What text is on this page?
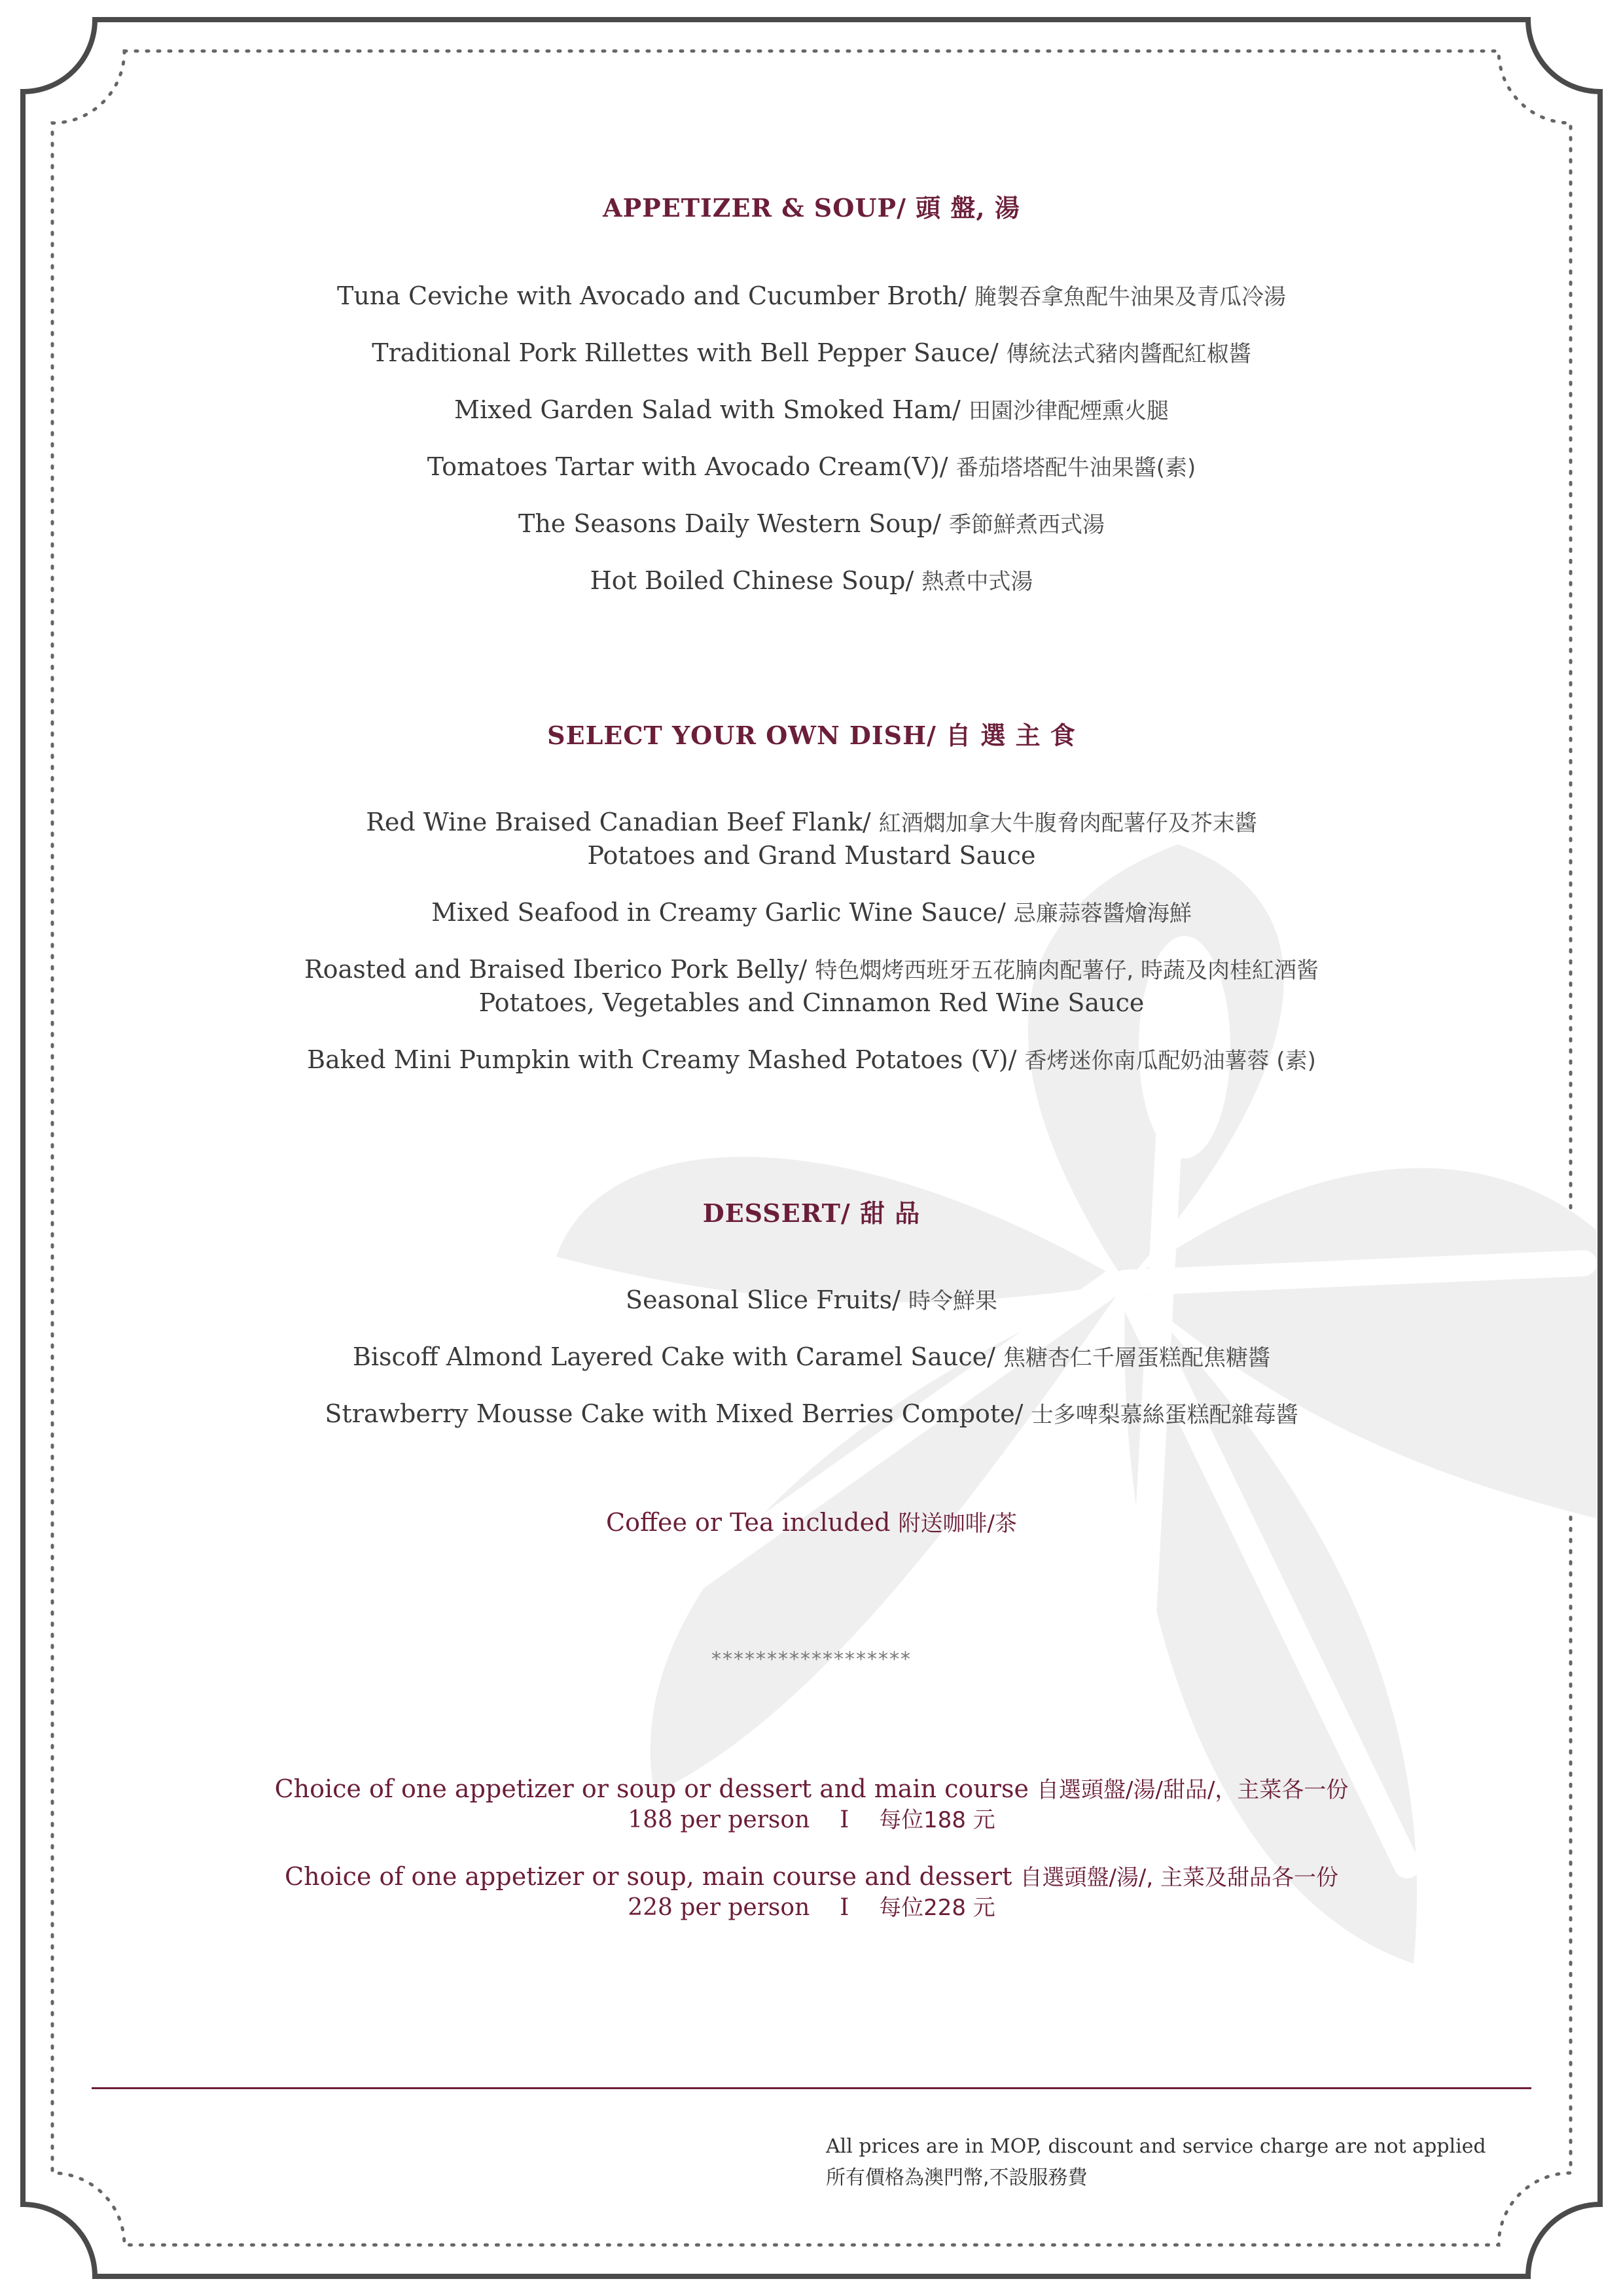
APPETIZER & SOUP/ 頭 盤, 湯
Tuna Ceviche with Avocado and Cucumber Broth/ 腌製吞拿魚配牛油果及青瓜冷湯
Traditional Pork Rillettes with Bell Pepper Sauce/ 傳統法式豬肉醬配紅椒醬
Mixed Garden Salad with Smoked Ham/ 田園沙律配煙熏火腿
Tomatoes Tartar with Avocado Cream(V)/ 番茄塔塔配牛油果醬(素)
The Seasons Daily Western Soup/ 季節鮮煮西式湯
Hot Boiled Chinese Soup/ 熱煮中式湯
SELECT YOUR OWN DISH/ 自 選 主 食
Red Wine Braised Canadian Beef Flank/ 紅酒燜加拿大牛腹脅肉配薯仔及芥末醬
Potatoes and Grand Mustard Sauce
Mixed Seafood in Creamy Garlic Wine Sauce/ 忌廉蒜蓉醬燴海鮮
Roasted and Braised Iberico Pork Belly/ 特色燜烤西班牙五花腩肉配薯仔, 時蔬及肉桂紅酒酱
Potatoes, Vegetables and Cinnamon Red Wine Sauce
Baked Mini Pumpkin with Creamy Mashed Potatoes (V)/ 香烤迷你南瓜配奶油薯蓉 (素)
DESSERT/ 甜 品
Seasonal Slice Fruits/ 時令鮮果
Biscoff Almond Layered Cake with Caramel Sauce/ 焦糖杏仁千層蛋糕配焦糖醬
Strawberry Mousse Cake with Mixed Berries Compote/ 士多啤梨慕絲蛋糕配雜莓醬
Coffee or Tea included 附送咖啡/茶
******************
Choice of one appetizer or soup or dessert and main course 自選頭盤/湯/甜品/，主菜各一份
188 per person I 每位188 元
Choice of one appetizer or soup, main course and dessert 自選頭盤/湯/, 主菜及甜品各一份
228 per person I 每位228 元
All prices are in MOP, discount and service charge are not applied
所有價格為澳門幣,不設服務費
